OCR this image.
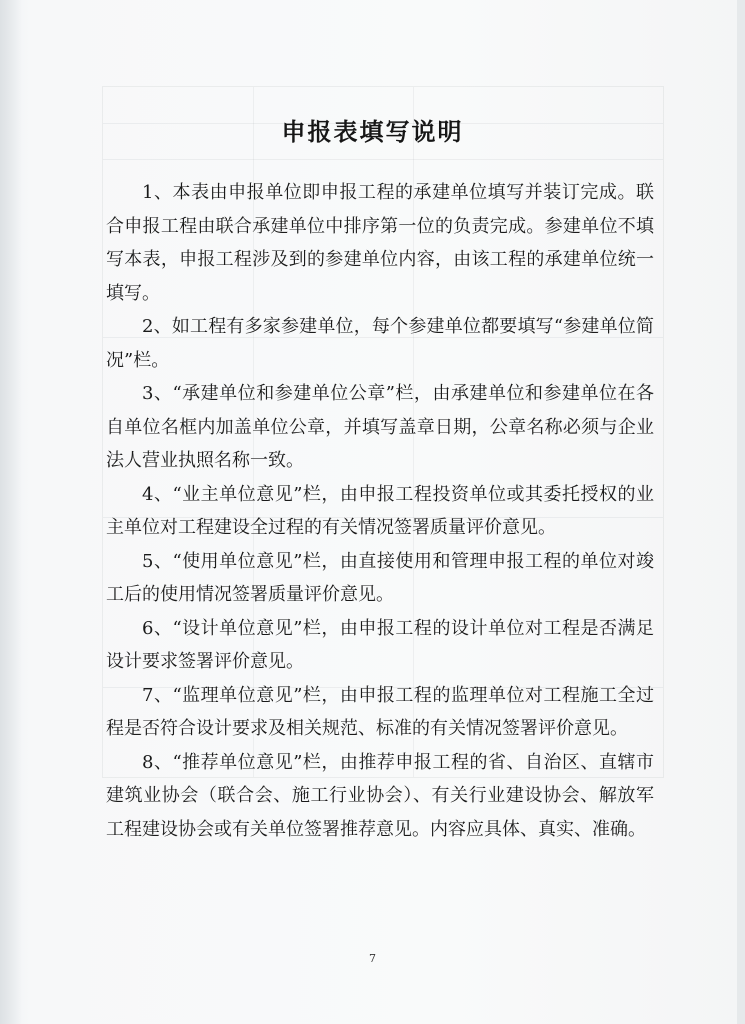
申报表填写说明

1、本表由申报单位即申报工程的承建单位填写并装订完成。联合申报工程由联合承建单位中排序第一位的负责完成。参建单位不填写本表，申报工程涉及到的参建单位内容，由该工程的承建单位统一填写。

2、如工程有多家参建单位，每个参建单位都要填写“参建单位简况”栏。

3、“承建单位和参建单位公章”栏，由承建单位和参建单位在各自单位名框内加盖单位公章，并填写盖章日期，公章名称必须与企业法人营业执照名称一致。

4、“业主单位意见”栏，由申报工程投资单位或其委托授权的业主单位对工程建设全过程的有关情况签署质量评价意见。

5、“使用单位意见”栏，由直接使用和管理申报工程的单位对竣工后的使用情况签署质量评价意见。

6、“设计单位意见”栏，由申报工程的设计单位对工程是否满足设计要求签署评价意见。

7、“监理单位意见”栏，由申报工程的监理单位对工程施工全过程是否符合设计要求及相关规范、标准的有关情况签署评价意见。

8、“推荐单位意见”栏，由推荐申报工程的省、自治区、直辖市建筑业协会（联合会、施工行业协会）、有关行业建设协会、解放军工程建设协会或有关单位签署推荐意见。内容应具体、真实、准确。

7
